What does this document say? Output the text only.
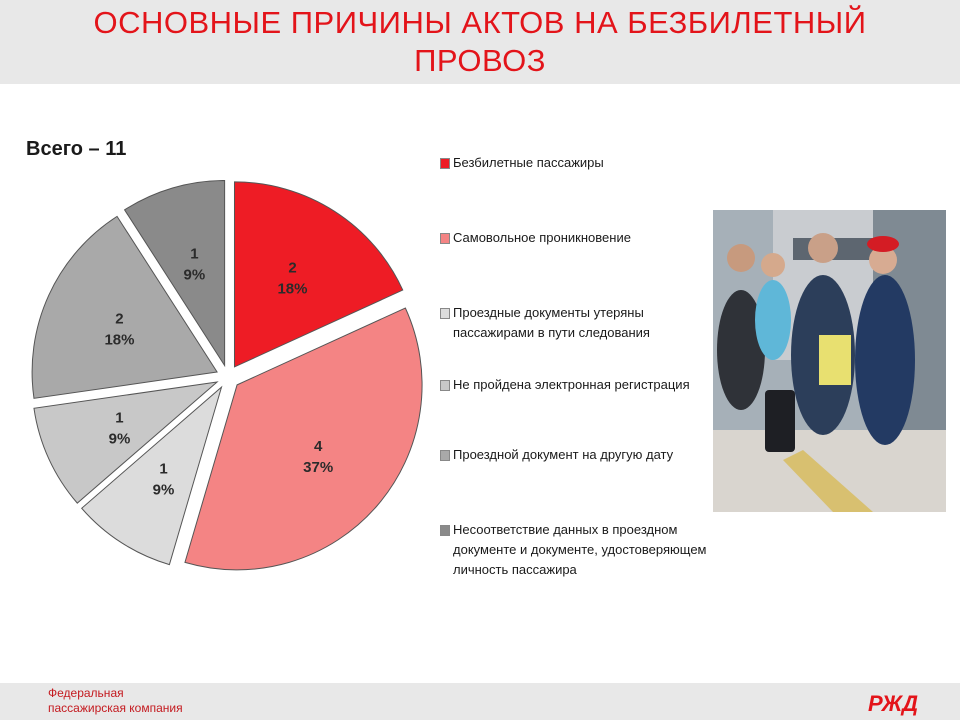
ОСНОВНЫЕ ПРИЧИНЫ АКТОВ НА БЕЗБИЛЕТНЫЙ
ПРОВОЗ
Всего – 11
2
18%
4
37%
1
9%
1
9%
2
18%
1
9%
Безбилетные пассажиры
Самовольное проникновение
Проездные документы утеряны пассажирами в пути следования
Не пройдена электронная регистрация
Проездной документ на другую дату
Несоответствие данных в проездном документе и документе, удостоверяющем личность пассажира
Федеральная
пассажирская компания	РЖД
